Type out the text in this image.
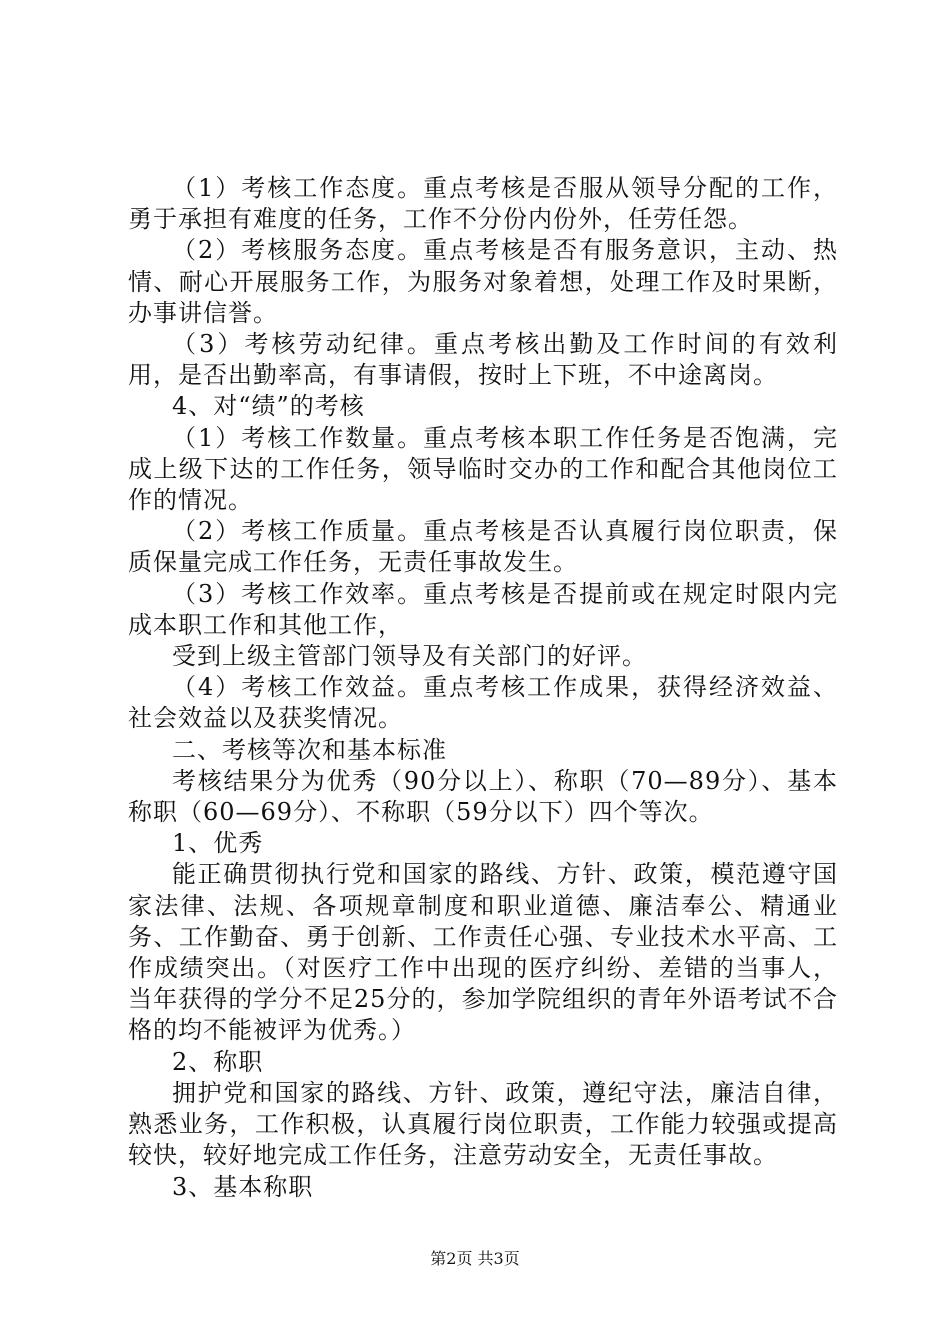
（1）考核工作态度。重点考核是否服从领导分配的工作，勇于承担有难度的任务，工作不分份内份外，任劳任怨。

（2）考核服务态度。重点考核是否有服务意识，主动、热情、耐心开展服务工作，为服务对象着想，处理工作及时果断，办事讲信誉。

（3）考核劳动纪律。重点考核出勤及工作时间的有效利用，是否出勤率高，有事请假，按时上下班，不中途离岗。

4、对“绩”的考核

（1）考核工作数量。重点考核本职工作任务是否饱满，完成上级下达的工作任务，领导临时交办的工作和配合其他岗位工作的情况。

（2）考核工作质量。重点考核是否认真履行岗位职责，保质保量完成工作任务，无责任事故发生。

（3）考核工作效率。重点考核是否提前或在规定时限内完成本职工作和其他工作，

受到上级主管部门领导及有关部门的好评。

（4）考核工作效益。重点考核工作成果，获得经济效益、社会效益以及获奖情况。

二、考核等次和基本标准

考核结果分为优秀（90分以上）、称职（70—89分）、基本称职（60—69分）、不称职（59分以下）四个等次。

1、优秀

能正确贯彻执行党和国家的路线、方针、政策，模范遵守国家法律、法规、各项规章制度和职业道德、廉洁奉公、精通业务、工作勤奋、勇于创新、工作责任心强、专业技术水平高、工作成绩突出。（对医疗工作中出现的医疗纠纷、差错的当事人，当年获得的学分不足25分的，参加学院组织的青年外语考试不合格的均不能被评为优秀。）

2、称职

拥护党和国家的路线、方针、政策，遵纪守法，廉洁自律，熟悉业务，工作积极，认真履行岗位职责，工作能力较强或提高较快，较好地完成工作任务，注意劳动安全，无责任事故。

3、基本称职

第2页 共3页
